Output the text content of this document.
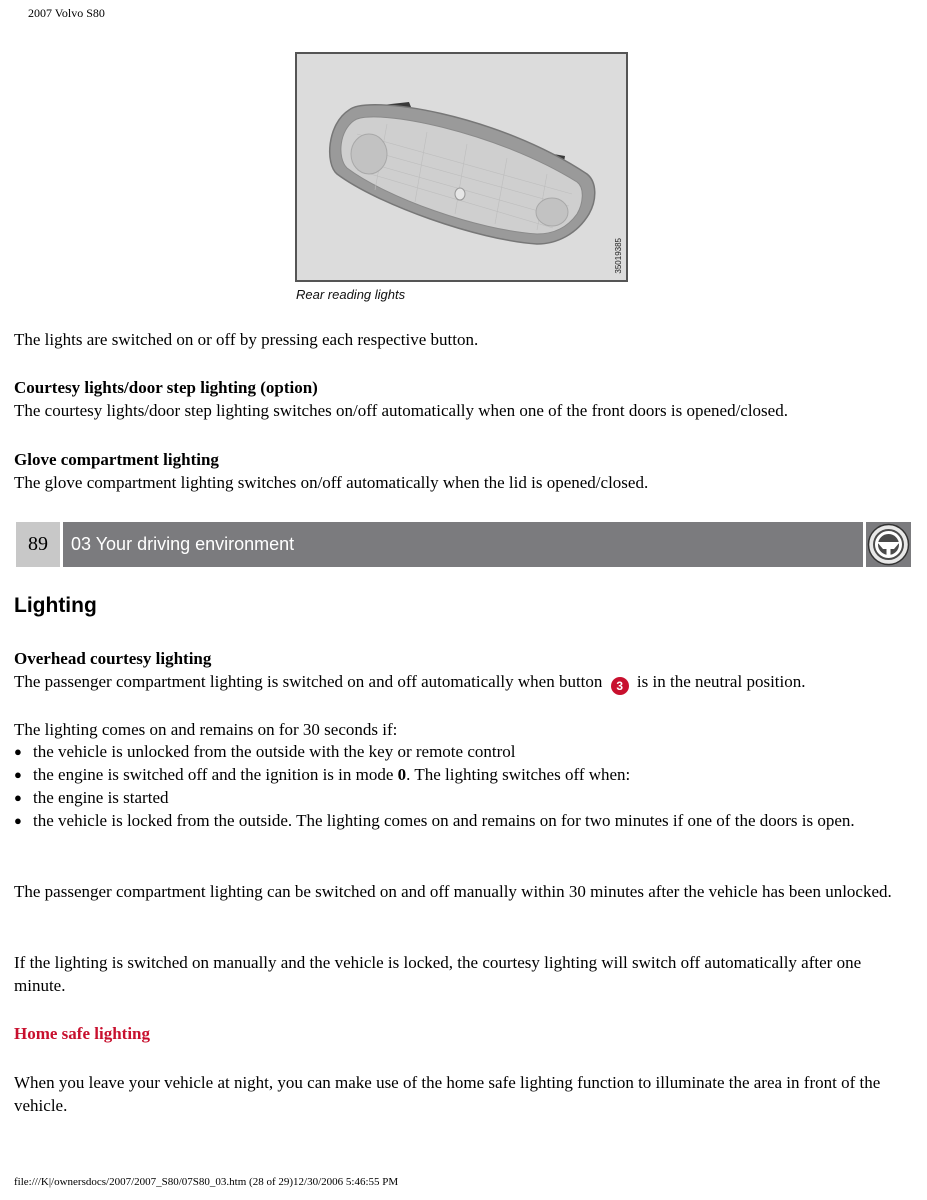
2007 Volvo S80
35019385
Rear reading lights
The lights are switched on or off by pressing each respective button.
Courtesy lights/door step lighting (option)
The courtesy lights/door step lighting switches on/off automatically when one of the front doors is opened/closed.
Glove compartment lighting
The glove compartment lighting switches on/off automatically when the lid is opened/closed.
89	03 Your driving environment
Lighting
Overhead courtesy lighting
The passenger compartment lighting is switched on and off automatically when button 3 is in the neutral position.
The lighting comes on and remains on for 30 seconds if:
● the vehicle is unlocked from the outside with the key or remote control
● the engine is switched off and the ignition is in mode 0. The lighting switches off when:
● the engine is started
● the vehicle is locked from the outside. The lighting comes on and remains on for two minutes if one of the doors is open.
The passenger compartment lighting can be switched on and off manually within 30 minutes after the vehicle has been unlocked.
If the lighting is switched on manually and the vehicle is locked, the courtesy lighting will switch off automatically after one minute.
Home safe lighting
When you leave your vehicle at night, you can make use of the home safe lighting function to illuminate the area in front of the vehicle.
file:///K|/ownersdocs/2007/2007_S80/07S80_03.htm (28 of 29)12/30/2006 5:46:55 PM
